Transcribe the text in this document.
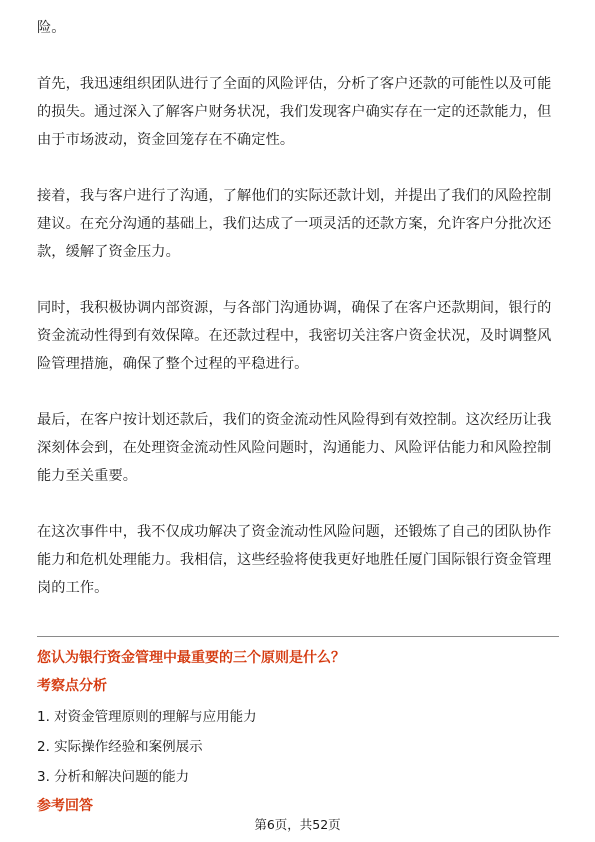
险。

首先，我迅速组织团队进行了全面的风险评估，分析了客户还款的可能性以及可能的损失。通过深入了解客户财务状况，我们发现客户确实存在一定的还款能力，但由于市场波动，资金回笼存在不确定性。

接着，我与客户进行了沟通，了解他们的实际还款计划，并提出了我们的风险控制建议。在充分沟通的基础上，我们达成了一项灵活的还款方案，允许客户分批次还款，缓解了资金压力。

同时，我积极协调内部资源，与各部门沟通协调，确保了在客户还款期间，银行的资金流动性得到有效保障。在还款过程中，我密切关注客户资金状况，及时调整风险管理措施，确保了整个过程的平稳进行。

最后，在客户按计划还款后，我们的资金流动性风险得到有效控制。这次经历让我深刻体会到，在处理资金流动性风险问题时，沟通能力、风险评估能力和风险控制能力至关重要。

在这次事件中，我不仅成功解决了资金流动性风险问题，还锻炼了自己的团队协作能力和危机处理能力。我相信，这些经验将使我更好地胜任厦门国际银行资金管理岗的工作。

您认为银行资金管理中最重要的三个原则是什么？
考察点分析
1. 对资金管理原则的理解与应用能力
2. 实际操作经验和案例展示
3. 分析和解决问题的能力
参考回答
第6页，共52页
